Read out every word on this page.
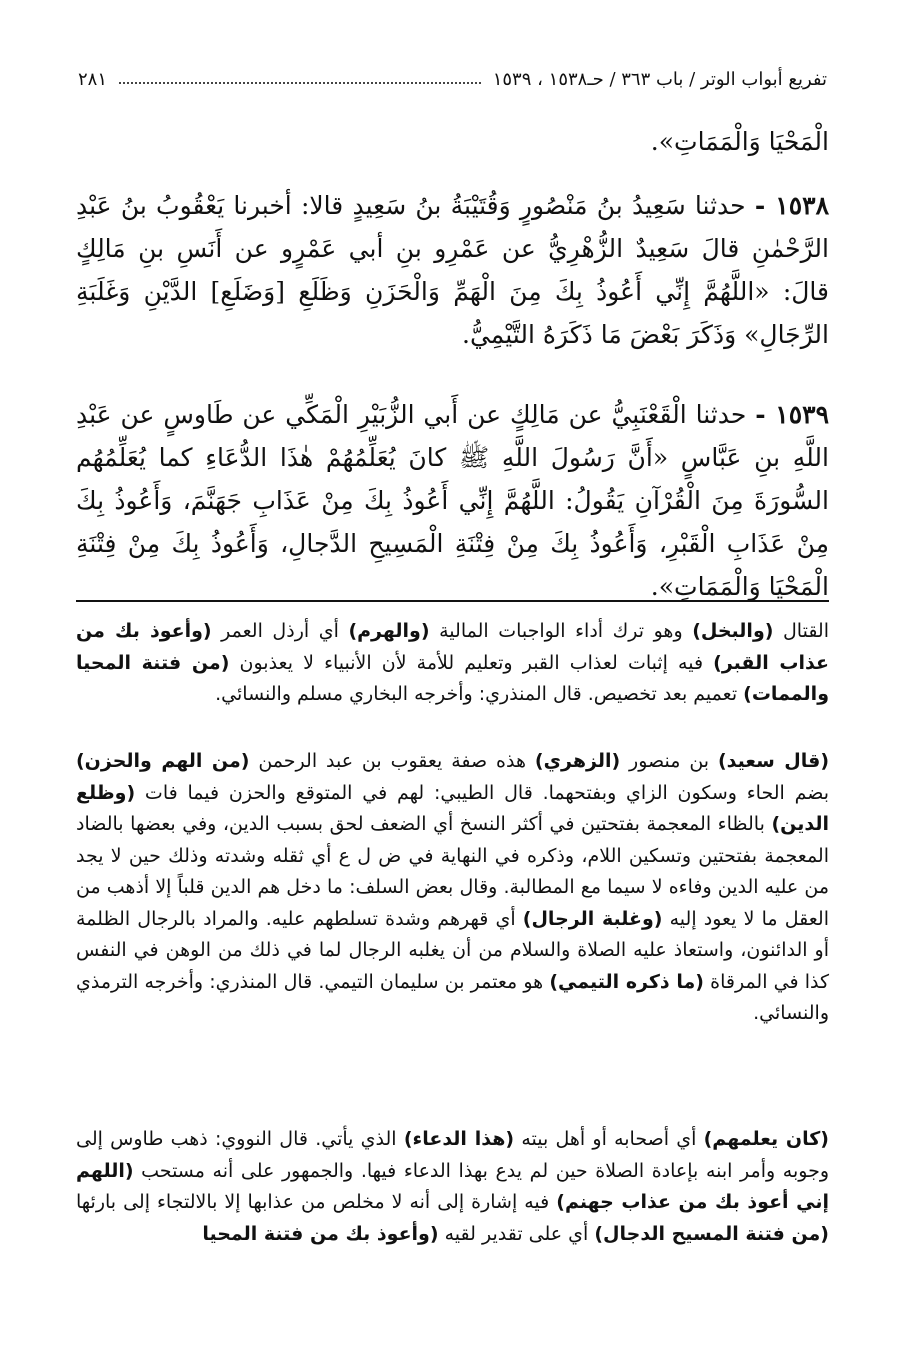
تفريع أبواب الوتر / باب ٣٦٣ / حـ١٥٣٨ ، ١٥٣٩
٢٨١
الْمَحْيَا وَالْمَمَاتِ».
١٥٣٨ - حدثنا سَعِيدُ بنُ مَنْصُورٍ وَقُتَيْبَةُ بنُ سَعِيدٍ قالا: أخبرنا يَعْقُوبُ بنُ عَبْدِ الرَّحْمٰنِ قالَ سَعِيدٌ الزُّهْرِيُّ عن عَمْرِو بنِ أبي عَمْرٍو عن أَنَسِ بنِ مَالِكٍ قالَ: «اللَّهُمَّ إِنِّي أَعُوذُ بِكَ مِنَ الْهَمِّ وَالْحَزَنِ وَظَلَعِ [وَضَلَعِ] الدَّيْنِ وَغَلَبَةِ الرِّجَالِ» وَذَكَرَ بَعْضَ مَا ذَكَرَهُ التَّيْمِيُّ.
١٥٣٩ - حدثنا الْقَعْنَبِيُّ عن مَالِكٍ عن أَبي الزُّبَيْرِ الْمَكِّي عن طَاوسٍ عن عَبْدِ اللَّهِ بنِ عَبَّاسٍ «أَنَّ رَسُولَ اللَّهِ ﷺ كانَ يُعَلِّمُهُمْ هٰذَا الدُّعَاءِ كما يُعَلِّمُهُم السُّورَةَ مِنَ الْقُرْآنِ يَقُولُ: اللَّهُمَّ إِنِّي أَعُوذُ بِكَ مِنْ عَذَابِ جَهَنَّمَ، وَأَعُوذُ بِكَ مِنْ عَذَابِ الْقَبْرِ، وَأَعُوذُ بِكَ مِنْ فِتْنَةِ الْمَسِيحِ الدَّجالِ، وَأَعُوذُ بِكَ مِنْ فِتْنَةِ الْمَحْيَا وَالْمَمَاتِ».

القتال (والبخل) وهو ترك أداء الواجبات المالية (والهرم) أي أرذل العمر (وأعوذ بك من عذاب القبر) فيه إثبات لعذاب القبر وتعليم للأمة لأن الأنبياء لا يعذبون (من فتنة المحيا والممات) تعميم بعد تخصيص. قال المنذري: وأخرجه البخاري مسلم والنسائي.

(قال سعيد) بن منصور (الزهري) هذه صفة يعقوب بن عبد الرحمن (من الهم والحزن) بضم الحاء وسكون الزاي وبفتحهما. قال الطيبي: لهم في المتوقع والحزن فيما فات (وظلع الدين) بالظاء المعجمة بفتحتين في أكثر النسخ أي الضعف لحق بسبب الدين، وفي بعضها بالضاد المعجمة بفتحتين وتسكين اللام، وذكره في النهاية في ض ل ع أي ثقله وشدته وذلك حين لا يجد من عليه الدين وفاءه لا سيما مع المطالبة. وقال بعض السلف: ما دخل هم الدين قلباً إلا أذهب من العقل ما لا يعود إليه (وغلبة الرجال) أي قهرهم وشدة تسلطهم عليه. والمراد بالرجال الظلمة أو الدائنون، واستعاذ عليه الصلاة والسلام من أن يغلبه الرجال لما في ذلك من الوهن في النفس كذا في المرقاة (ما ذكره التيمي) هو معتمر بن سليمان التيمي. قال المنذري: وأخرجه الترمذي والنسائي.

(كان يعلمهم) أي أصحابه أو أهل بيته (هذا الدعاء) الذي يأتي. قال النووي: ذهب طاوس إلى وجوبه وأمر ابنه بإعادة الصلاة حين لم يدع بهذا الدعاء فيها. والجمهور على أنه مستحب (اللهم إني أعوذ بك من عذاب جهنم) فيه إشارة إلى أنه لا مخلص من عذابها إلا بالالتجاء إلى بارئها (من فتنة المسيح الدجال) أي على تقدير لقيه (وأعوذ بك من فتنة المحيا
